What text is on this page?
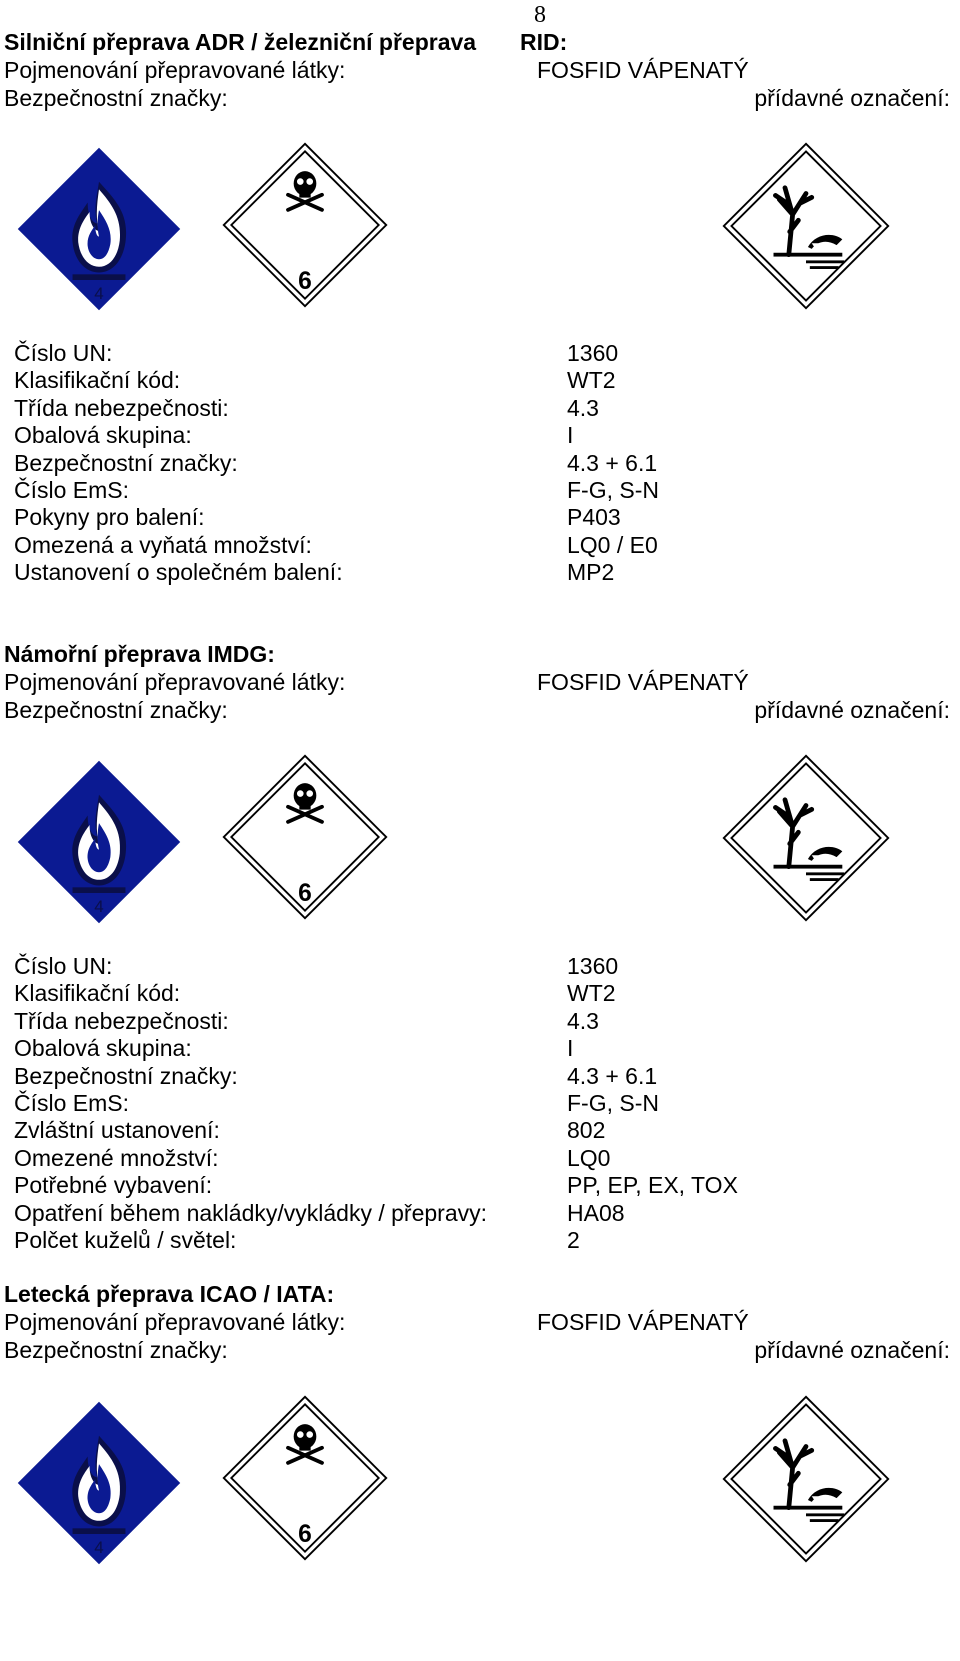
8
Silniční přeprava ADR / železniční přeprava RID:
Pojmenování přepravované látky:	FOSFID VÁPENATÝ
Bezpečnostní značky:	přídavné označení:
Číslo UN:	1360
Klasifikační kód:	WT2
Třída nebezpečnosti:	4.3
Obalová skupina:	I
Bezpečnostní značky:	4.3 + 6.1
Číslo EmS:	F-G, S-N
Pokyny pro balení:	P403
Omezená a vyňatá množství:	LQ0 / E0
Ustanovení o společném balení:	MP2
Námořní přeprava IMDG:
Pojmenování přepravované látky:	FOSFID VÁPENATÝ
Bezpečnostní značky:	přídavné označení:
Číslo UN:	1360
Klasifikační kód:	WT2
Třída nebezpečnosti:	4.3
Obalová skupina:	I
Bezpečnostní značky:	4.3 + 6.1
Číslo EmS:	F-G, S-N
Zvláštní ustanovení:	802
Omezené množství:	LQ0
Potřebné vybavení:	PP, EP, EX, TOX
Opatření během nakládky/vykládky / přepravy:	HA08
Polčet kuželů / světel:	2
Letecká přeprava ICAO / IATA:
Pojmenování přepravované látky:	FOSFID VÁPENATÝ
Bezpečnostní značky:	přídavné označení:
